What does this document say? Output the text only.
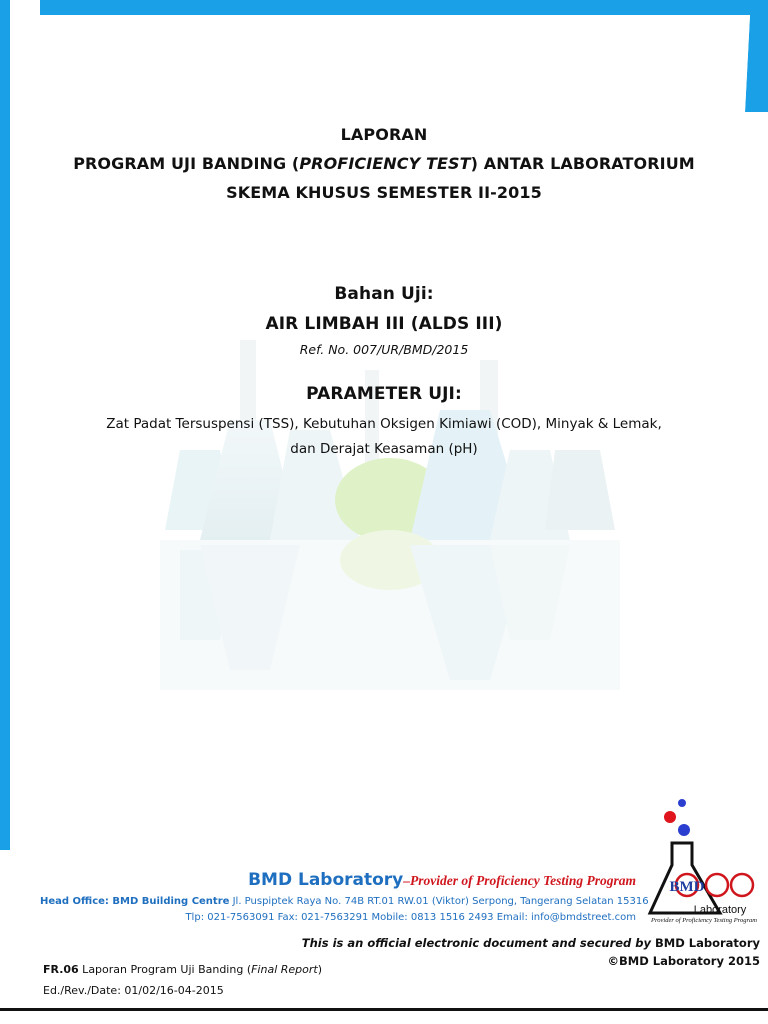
LAPORAN
PROGRAM UJI BANDING (PROFICIENCY TEST) ANTAR LABORATORIUM
SKEMA KHUSUS SEMESTER II-2015
Bahan Uji:
AIR LIMBAH III (ALDS III)
Ref. No. 007/UR/BMD/2015
PARAMETER UJI:
Zat Padat Tersuspensi (TSS), Kebutuhan Oksigen Kimiawi (COD), Minyak & Lemak,
dan Derajat Keasaman (pH)
BMD Laboratory–Provider of Proficiency Testing Program
Head Office: BMD Building Centre Jl. Puspiptek Raya No. 74B RT.01 RW.01 (Viktor) Serpong, Tangerang Selatan 15316
Tlp: 021-7563091 Fax: 021-7563291 Mobile: 0813 1516 2493 Email: info@bmdstreet.com
BMD
Laboratory
Provider of Proficiency Testing Program
This is an official electronic document and secured by BMD Laboratory
©BMD Laboratory 2015
FR.06 Laporan Program Uji Banding (Final Report)
Ed./Rev./Date: 01/02/16-04-2015
